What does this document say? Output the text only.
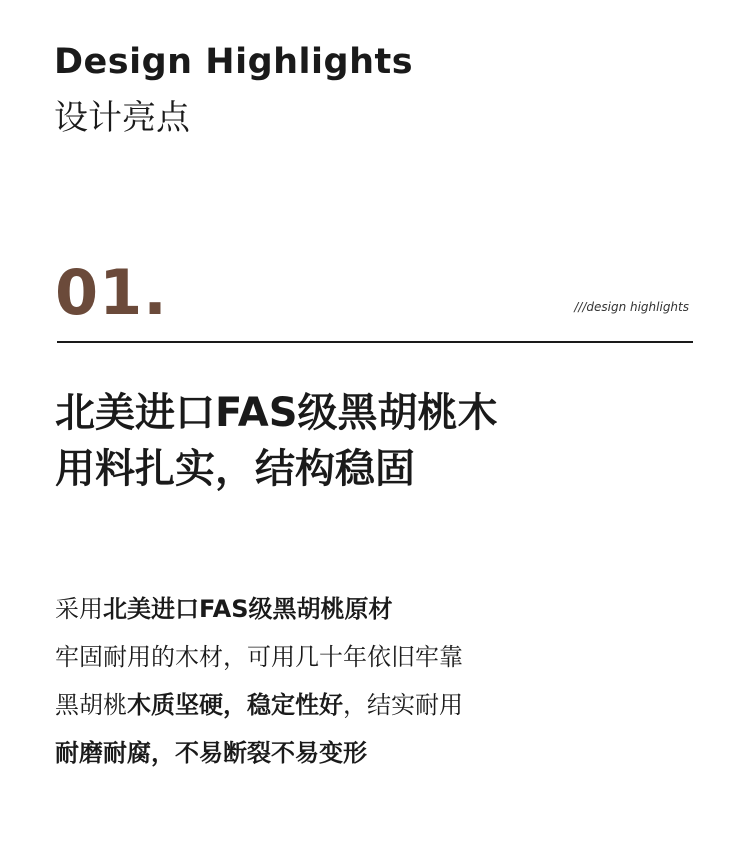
Design Highlights
设计亮点
01.	///design highlights
北美进口FAS级黑胡桃木
用料扎实，结构稳固
采用北美进口FAS级黑胡桃原材
牢固耐用的木材，可用几十年依旧牢靠
黑胡桃木质坚硬，稳定性好，结实耐用
耐磨耐腐，不易断裂不易变形
